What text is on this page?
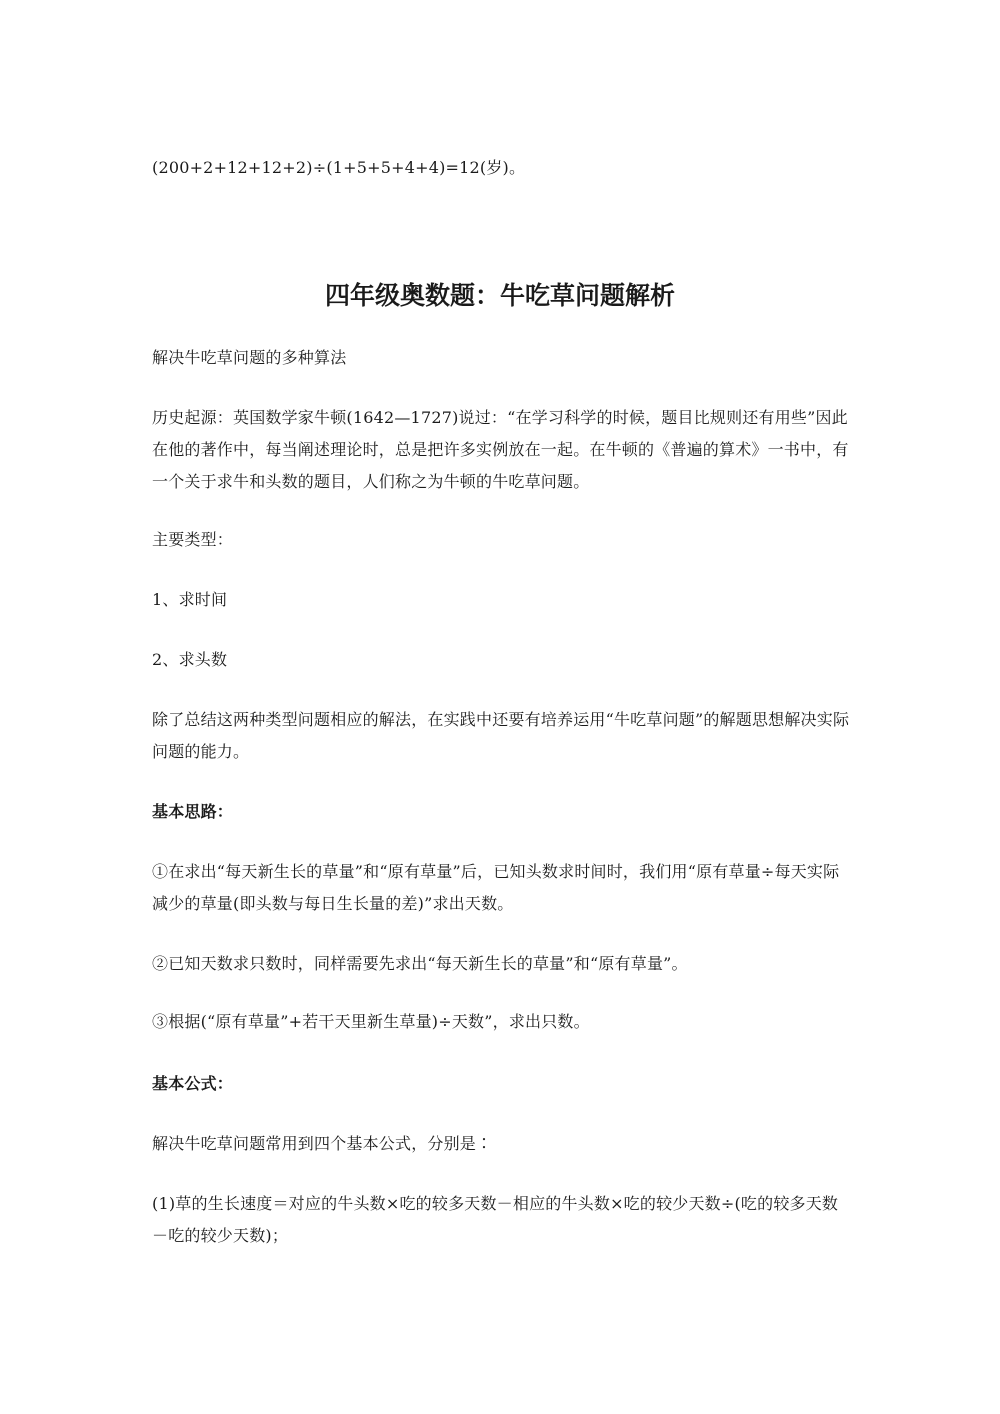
(200+2+12+12+2)÷(1+5+5+4+4)=12(岁)。
四年级奥数题：牛吃草问题解析
解决牛吃草问题的多种算法
历史起源：英国数学家牛顿(1642—1727)说过：“在学习科学的时候，题目比规则还有用些”因此在他的著作中，每当阐述理论时，总是把许多实例放在一起。在牛顿的《普遍的算术》一书中，有一个关于求牛和头数的题目，人们称之为牛顿的牛吃草问题。
主要类型：
1、求时间
2、求头数
除了总结这两种类型问题相应的解法，在实践中还要有培养运用“牛吃草问题”的解题思想解决实际问题的能力。
基本思路：
①在求出“每天新生长的草量”和“原有草量”后，已知头数求时间时，我们用“原有草量÷每天实际减少的草量(即头数与每日生长量的差)”求出天数。
②已知天数求只数时，同样需要先求出“每天新生长的草量”和“原有草量”。
③根据(“原有草量”+若干天里新生草量)÷天数”，求出只数。
基本公式：
解决牛吃草问题常用到四个基本公式，分别是∶
(1)草的生长速度＝对应的牛头数×吃的较多天数－相应的牛头数×吃的较少天数÷(吃的较多天数－吃的较少天数)；
